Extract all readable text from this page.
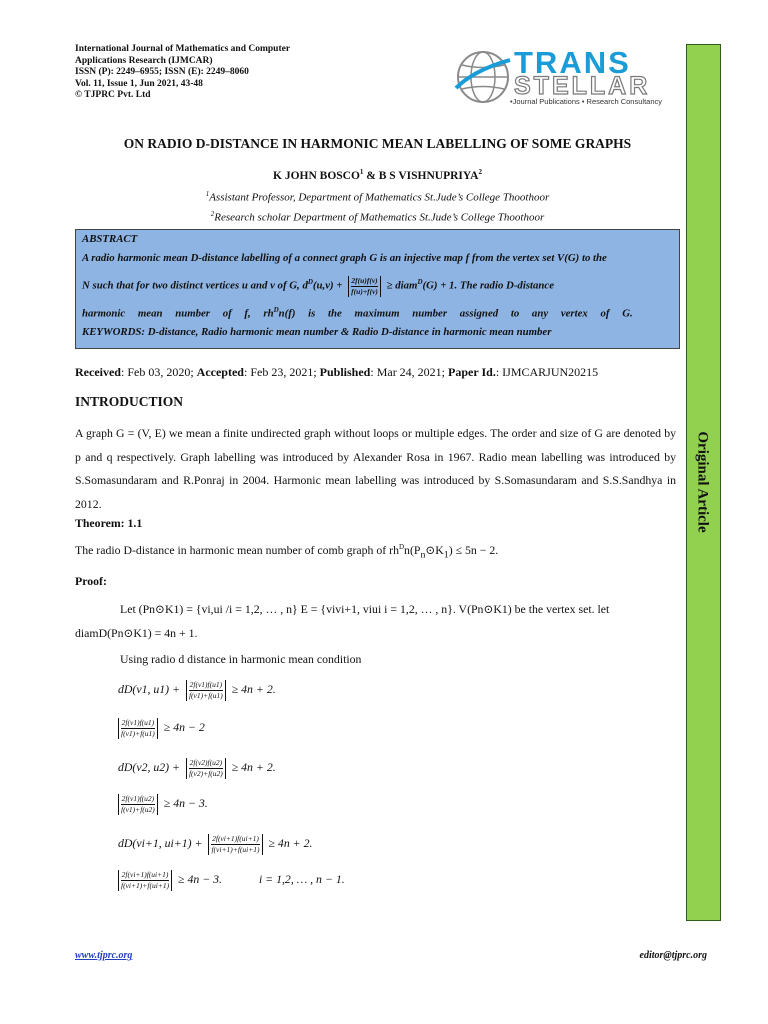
International Journal of Mathematics and Computer
Applications Research (IJMCAR)
ISSN (P): 2249–6955; ISSN (E): 2249–8060
Vol. 11, Issue 1, Jun 2021, 43-48
© TJPRC Pvt. Ltd
TRANS
STELLAR
•Journal Publications • Research Consultancy
Original Article
ON RADIO D-DISTANCE IN HARMONIC MEAN LABELLING OF SOME GRAPHS
K JOHN BOSCO$^1$ & B S VISHNUPRIYA$^2$
$^1$Assistant Professor, Department of Mathematics St.Jude’s College Thoothoor
$^2$Research scholar Department of Mathematics St.Jude’s College Thoothoor
ABSTRACT

A radio harmonic mean D-distance labelling of a connect graph G is an injective map f from the vertex set V(G) to the

N such that for two distinct vertices u and v of G, $d^D(u,v) + \frac{2f(u)f(v)}{f(u)+f(v)}$ ≥ diam$^D$(G) + 1. The radio D-distance

harmonic mean number of f, $rh^Dn(f)$ is the maximum number assigned to any vertex of G.

KEYWORDS: D-distance, Radio harmonic mean number & Radio D-distance in harmonic mean number

Received: Feb 03, 2020; Accepted: Feb 23, 2021; Published: Mar 24, 2021; Paper Id.: IJMCARJUN20215
INTRODUCTION
A graph G = (V, E) we mean a finite undirected graph without loops or multiple edges. The order and size of G are denoted by p and q respectively. Graph labelling was introduced by Alexander Rosa in 1967. Radio mean labelling was introduced by S.Somasundaram and R.Ponraj in 2004. Harmonic mean labelling was introduced by S.Somasundaram and S.S.Sandhya in 2012.
Theorem: 1.1
The radio D-distance in harmonic mean number of comb graph of $rh^Dn(P_n⊙K_1) \le 5n - 2$.
Proof:
Let (Pn⊙K1) = {vi,ui /i = 1,2, … , n} E = {vivi+1, viui i = 1,2, … , n}. V(Pn⊙K1) be the vertex set. let
diamD(Pn⊙K1) = 4n + 1.
Using radio d distance in harmonic mean condition
dD(v1, $u1) + \frac{2f(v1)f(u1)}{f(v1)+f(u1)} \ge 4n + 2$.
$\frac{2f(v1)f(u1)}{f(v1)+f(u1)} \ge 4n - 2$
dD(v2, $u2) + \frac{2f(v2)f(u2)}{f(v2)+f(u2)} \ge 4n + 2$.
$\frac{2f(v1)f(u2)}{f(v1)+f(u2)} \ge 4n - 3$.
dD(vi+1, $ui+1) + \frac{2f(vi+1)f(ui+1)}{f(vi+1)+f(ui+1)} \ge 4n + 2$.
$\frac{2f(vi+1)f(ui+1)}{f(vi+1)+f(ui+1)} \ge 4n - 3$.	i = 1,2, … , n − 1.
www.tjprc.org	editor@tjprc.org
